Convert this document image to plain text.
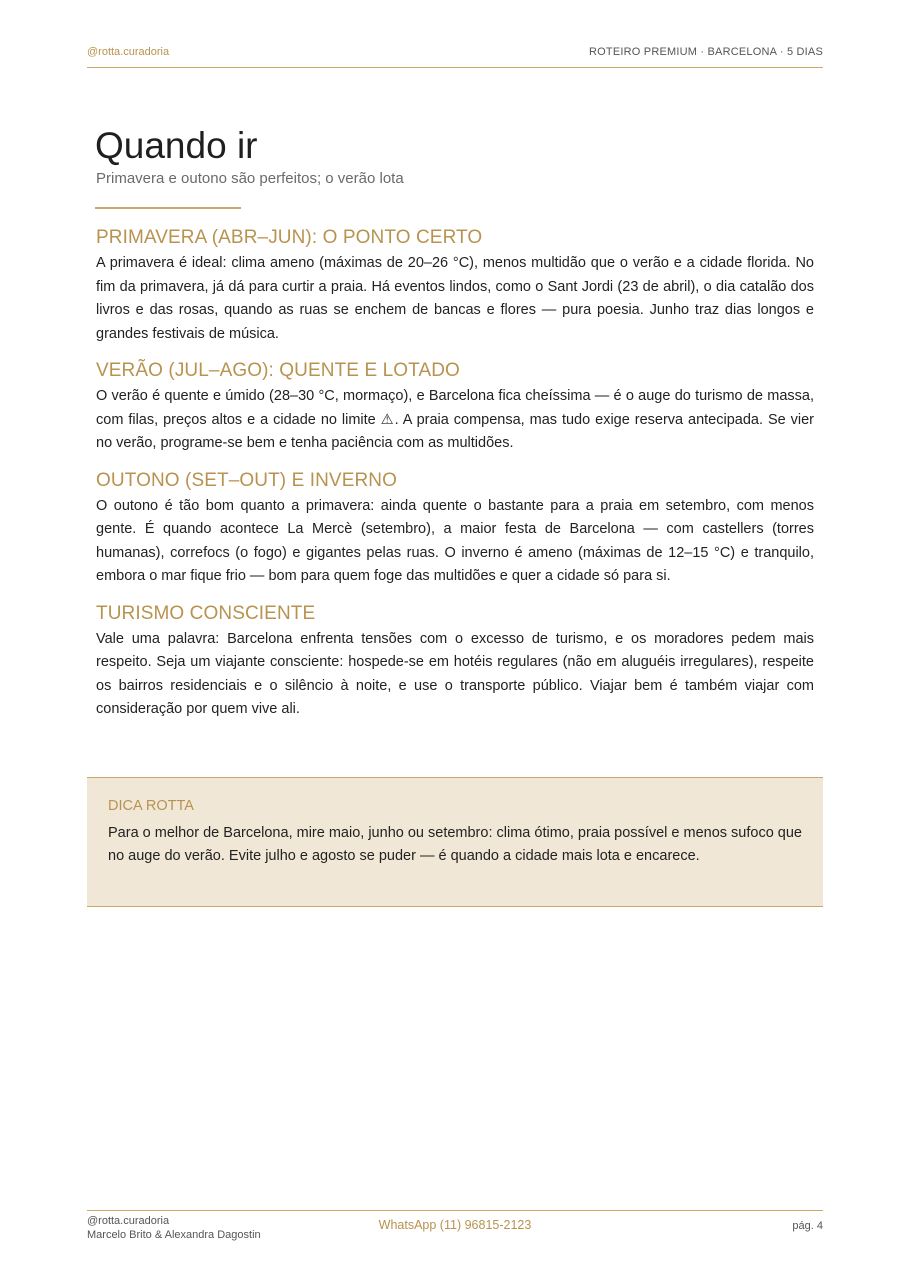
@rotta.curadoria	ROTEIRO PREMIUM · BARCELONA · 5 DIAS
Quando ir
Primavera e outono são perfeitos; o verão lota
PRIMAVERA (ABR–JUN): O PONTO CERTO

A primavera é ideal: clima ameno (máximas de 20–26 °C), menos multidão que o verão e a cidade florida. No fim da primavera, já dá para curtir a praia. Há eventos lindos, como o Sant Jordi (23 de abril), o dia catalão dos livros e das rosas, quando as ruas se enchem de bancas e flores — pura poesia. Junho traz dias longos e grandes festivais de música.

VERÃO (JUL–AGO): QUENTE E LOTADO

O verão é quente e úmido (28–30 °C, mormaço), e Barcelona fica cheíssima — é o auge do turismo de massa, com filas, preços altos e a cidade no limite ⚠. A praia compensa, mas tudo exige reserva antecipada. Se vier no verão, programe-se bem e tenha paciência com as multidões.

OUTONO (SET–OUT) E INVERNO

O outono é tão bom quanto a primavera: ainda quente o bastante para a praia em setembro, com menos gente. É quando acontece La Mercè (setembro), a maior festa de Barcelona — com castellers (torres humanas), correfocs (o fogo) e gigantes pelas ruas. O inverno é ameno (máximas de 12–15 °C) e tranquilo, embora o mar fique frio — bom para quem foge das multidões e quer a cidade só para si.

TURISMO CONSCIENTE

Vale uma palavra: Barcelona enfrenta tensões com o excesso de turismo, e os moradores pedem mais respeito. Seja um viajante consciente: hospede-se em hotéis regulares (não em aluguéis irregulares), respeite os bairros residenciais e o silêncio à noite, e use o transporte público. Viajar bem é também viajar com consideração por quem vive ali.

DICA ROTTA
Para o melhor de Barcelona, mire maio, junho ou setembro: clima ótimo, praia possível e menos sufoco que no auge do verão. Evite julho e agosto se puder — é quando a cidade mais lota e encarece.
@rotta.curadoria
Marcelo Brito & Alexandra Dagostin
WhatsApp (11) 96815-2123	pág. 4
